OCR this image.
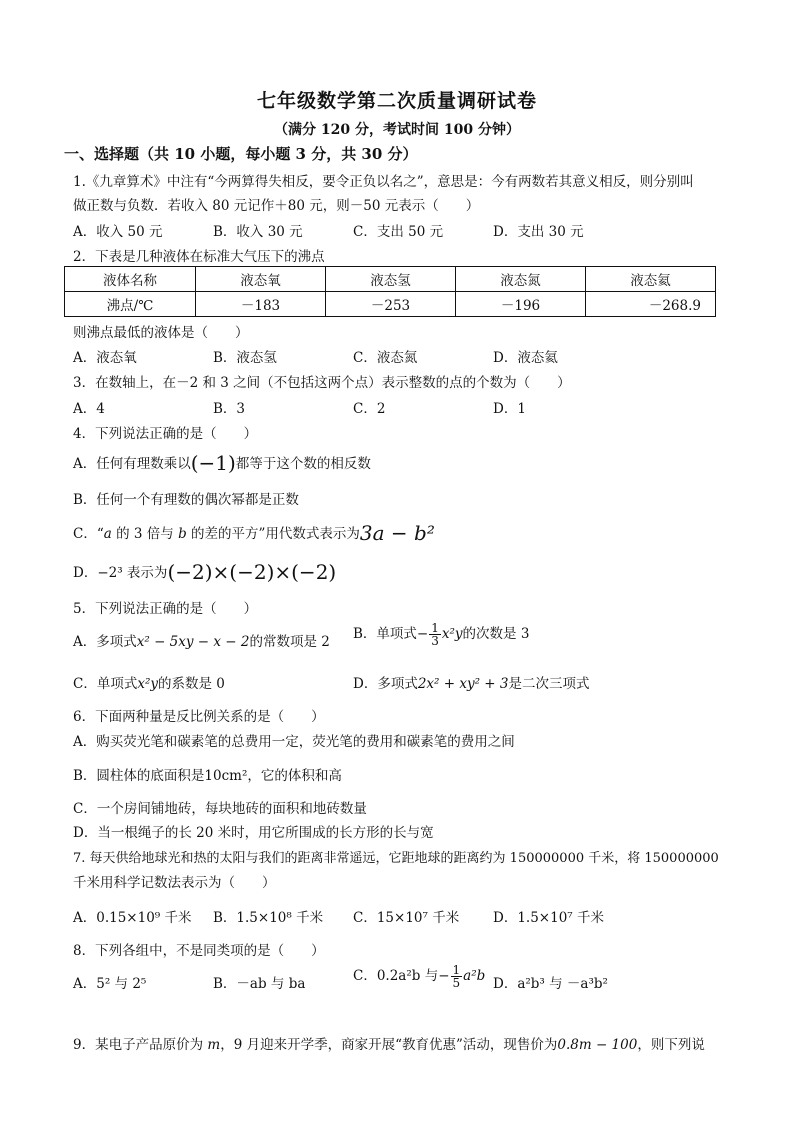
七年级数学第二次质量调研试卷
（满分 120 分，考试时间 100 分钟）
一、选择题（共 10 小题，每小题 3 分，共 30 分）
1.《九章算术》中注有“今两算得失相反，要令正负以名之”，意思是：今有两数若其意义相反，则分别叫
做正数与负数．若收入 80 元记作＋80 元，则－50 元表示（　　）
A．收入 50 元	B．收入 30 元	C．支出 50 元	D．支出 30 元
2．下表是几种液体在标准大气压下的沸点
液体名称	液态氧	液态氢	液态氮	液态氦
沸点/℃	－183	－253	－196	－268.9
则沸点最低的液体是（　　）
A．液态氧	B．液态氢	C．液态氮	D．液态氦
3．在数轴上，在－2 和 3 之间（不包括这两个点）表示整数的点的个数为（　　）
A．4	B．3	C．2	D．1
4．下列说法正确的是（　　）
A．任何有理数乘以(−1)都等于这个数的相反数
B．任何一个有理数的偶次幂都是正数
C．“a 的 3 倍与 b 的差的平方”用代数式表示为3a − b²
D．−2³ 表示为(−2)×(−2)×(−2)
5．下列说法正确的是（　　）
A．多项式x² − 5xy − x − 2的常数项是 2 B．单项式− $\frac{1}{3} x^2y$的次数是 3
C．单项式x²y的系数是 0	D．多项式2x² + xy² + 3是二次三项式
6．下面两种量是反比例关系的是（　　）
A．购买荧光笔和碳素笔的总费用一定，荧光笔的费用和碳素笔的费用之间
B．圆柱体的底面积是10cm²，它的体积和高
C．一个房间铺地砖，每块地砖的面积和地砖数量
D．当一根绳子的长 20 米时，用它所围成的长方形的长与宽
7. 每天供给地球光和热的太阳与我们的距离非常遥远，它距地球的距离约为 150000000 千米，将 150000000
千米用科学记数法表示为（　　）
A．0.15×10⁹ 千米 B．1.5×10⁸ 千米 C．15×10⁷ 千米	D．1.5×10⁷ 千米
8．下列各组中，不是同类项的是（　　）
A．5² 与 2⁵	B．－ab 与 ba	C．0.2a²b 与− $\frac{1}{5} a^2b$ D．a²b³ 与 －a³b²
9．某电子产品原价为 m，9 月迎来开学季，商家开展“教育优惠”活动，现售价为0.8m − 100，则下列说
